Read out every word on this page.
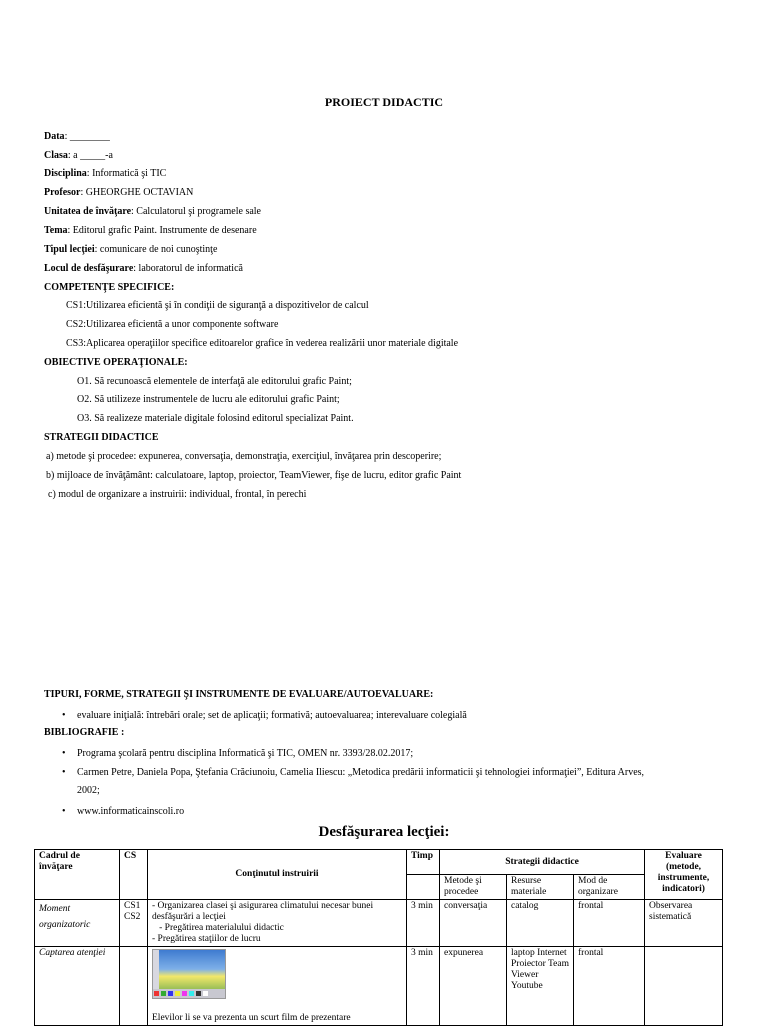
PROIECT DIDACTIC
Data: ________
Clasa: a _____-a
Disciplina: Informatică şi TIC
Profesor: GHEORGHE OCTAVIAN
Unitatea de învăţare: Calculatorul şi programele sale
Tema: Editorul grafic Paint. Instrumente de desenare
Tipul lecţiei: comunicare de noi cunoştinţe
Locul de desfăşurare: laboratorul de informatică
COMPETENŢE SPECIFICE:
CS1:Utilizarea eficientă şi în condiţii de siguranţă a dispozitivelor de calcul
CS2:Utilizarea eficientă a unor componente software
CS3:Aplicarea operaţiilor specifice editoarelor grafice în vederea realizării unor materiale digitale
OBIECTIVE OPERAŢIONALE:
O1. Să recunoască elementele de interfaţă ale editorului grafic Paint;
O2. Să utilizeze instrumentele de lucru ale editorului grafic Paint;
O3. Să realizeze materiale digitale folosind editorul specializat Paint.
STRATEGII DIDACTICE
a) metode şi procedee: expunerea, conversaţia, demonstraţia, exerciţiul, învăţarea prin descoperire;
b) mijloace de învăţământ: calculatoare, laptop, proiector, TeamViewer, fişe de lucru, editor grafic Paint
c) modul de organizare a instruirii: individual, frontal, în perechi
TIPURI, FORME, STRATEGII ŞI INSTRUMENTE DE EVALUARE/AUTOEVALUARE:
• evaluare iniţială: întrebări orale; set de aplicaţii; formativă; autoevaluarea; interevaluare colegială
BIBLIOGRAFIE :
• Programa şcolară pentru disciplina Informatică şi TIC, OMEN nr. 3393/28.02.2017;
• Carmen Petre, Daniela Popa, Ştefania Crăciunoiu, Camelia Iliescu: „Metodica predării informaticii şi tehnologiei informaţiei”, Editura Arves,
2002;
• www.informaticainscoli.ro
Desfăşurarea lecţiei:
Cadrul de învăţare	CS	Conţinutul instruirii	Timp	Strategii didactice			Evaluare (metode, instrumente, indicatori)
				Metode şi procedee	Resurse materiale	Mod de organizare	
Moment organizatoric	CS1 CS2	- Organizarea clasei şi asigurarea climatului necesar bunei desfăşurări a lecţiei
- Pregătirea materialului didactic
- Pregătirea staţiilor de lucru	3 min	conversaţia	catalog	frontal	Observarea sistematică
Captarea atenţiei		Elevilor li se va prezenta un scurt film de prezentare	3 min	expunerea	laptop Internet Proiector Team Viewer Youtube	frontal	
